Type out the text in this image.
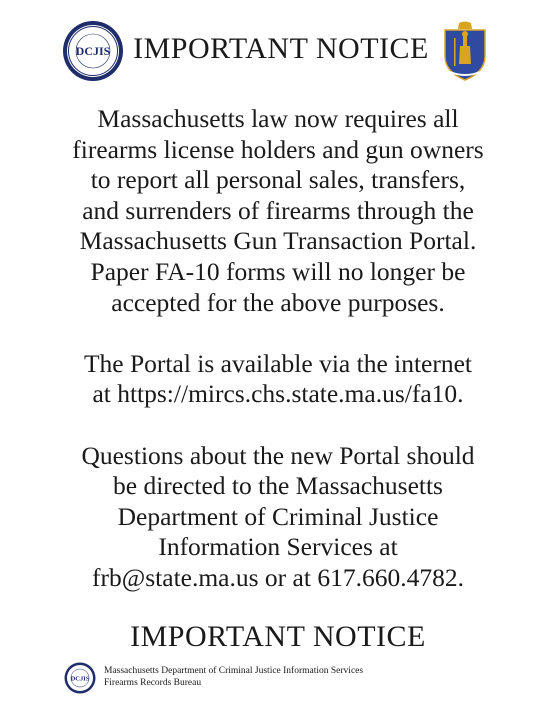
DCJIS IMPORTANT NOTICE

Massachusetts law now requires all
firearms license holders and gun owners
to report all personal sales, transfers,
and surrenders of firearms through the
Massachusetts Gun Transaction Portal.
Paper FA-10 forms will no longer be
accepted for the above purposes.

The Portal is available via the internet
at https://mircs.chs.state.ma.us/fa10.

Questions about the new Portal should
be directed to the Massachusetts
Department of Criminal Justice
Information Services at
frb@state.ma.us or at 617.660.4782.

IMPORTANT NOTICE
DCJIS
Massachusetts Department of Criminal Justice Information Services
Firearms Records Bureau
